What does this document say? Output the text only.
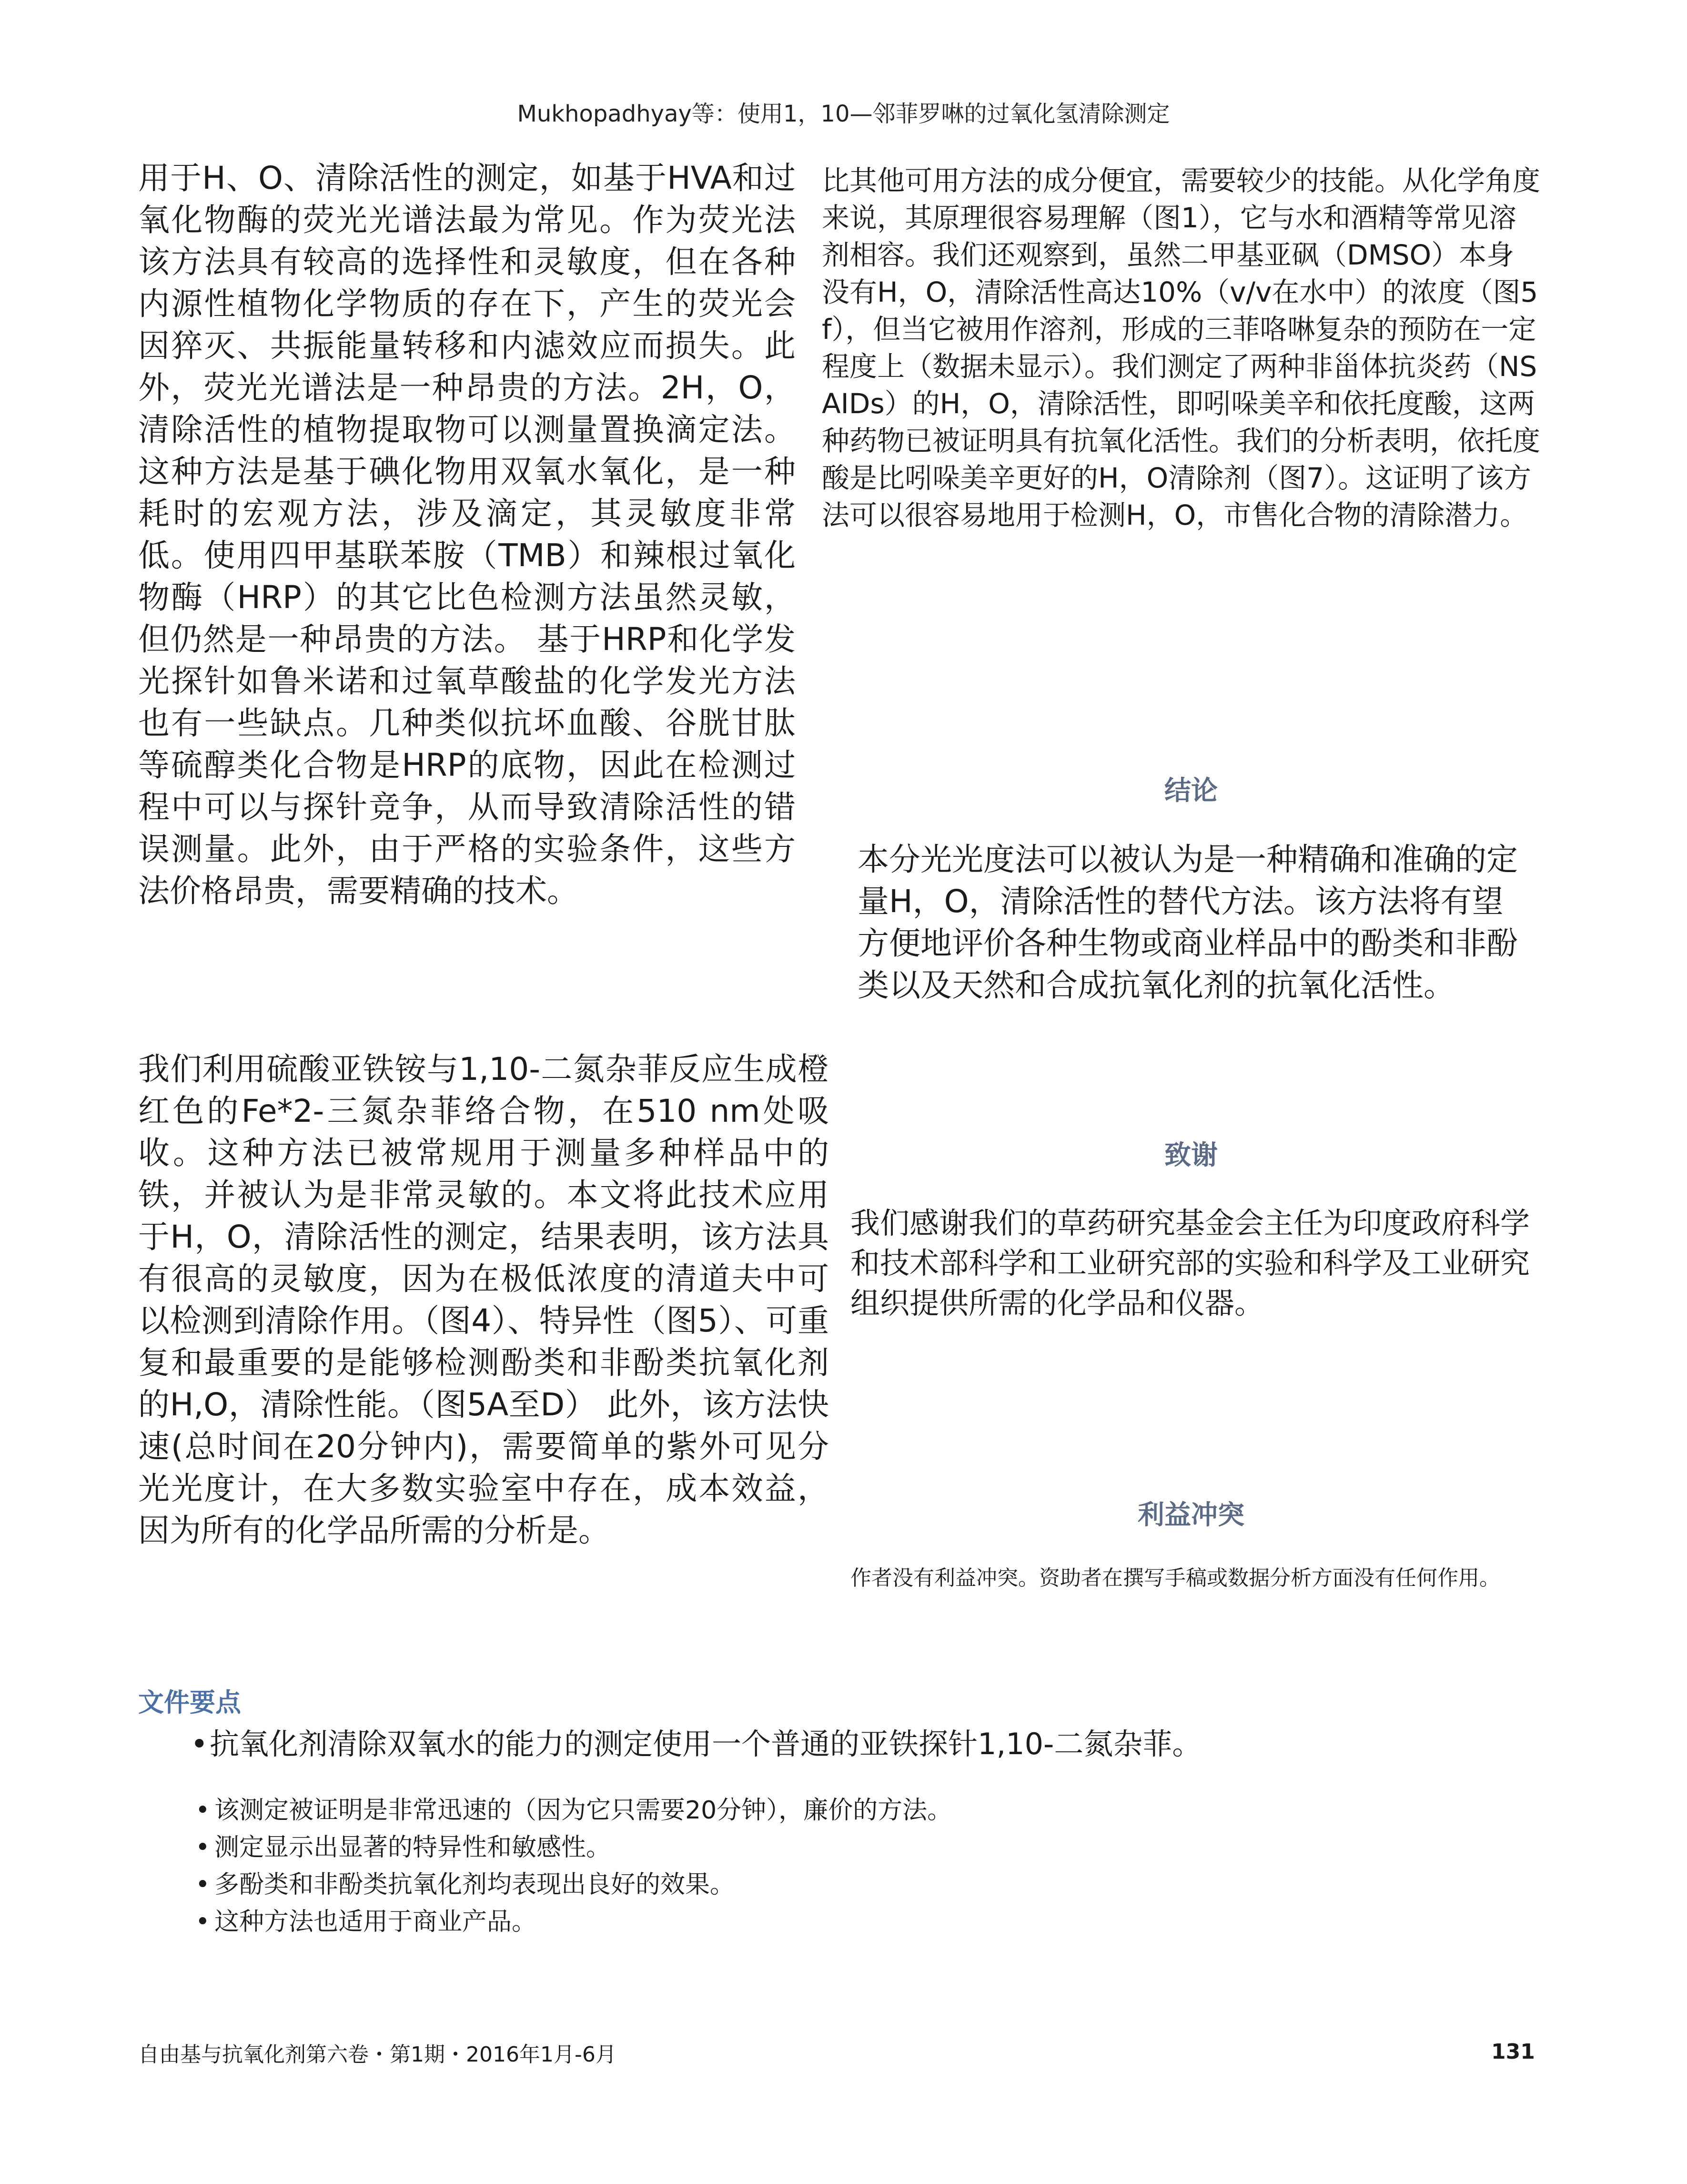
Mukhopadhyay等：使用1，10—邻菲罗啉的过氧化氢清除测定

用于H、O、清除活性的测定，如基于HVA和过氧化物酶的荧光光谱法最为常见。作为荧光法该方法具有较高的选择性和灵敏度，但在各种内源性植物化学物质的存在下，产生的荧光会因猝灭、共振能量转移和内滤效应而损失。此外，荧光光谱法是一种昂贵的方法。2H，O，清除活性的植物提取物可以测量置换滴定法。这种方法是基于碘化物用双氧水氧化，是一种耗时的宏观方法，涉及滴定，其灵敏度非常低。使用四甲基联苯胺（TMB）和辣根过氧化物酶（HRP）的其它比色检测方法虽然灵敏，但仍然是一种昂贵的方法。 基于HRP和化学发光探针如鲁米诺和过氧草酸盐的化学发光方法也有一些缺点。几种类似抗坏血酸、谷胱甘肽等硫醇类化合物是HRP的底物，因此在检测过程中可以与探针竞争，从而导致清除活性的错误测量。此外，由于严格的实验条件，这些方法价格昂贵，需要精确的技术。

我们利用硫酸亚铁铵与1,10-二氮杂菲反应生成橙红色的Fe*2-三氮杂菲络合物，在510 nm处吸收。这种方法已被常规用于测量多种样品中的铁，并被认为是非常灵敏的。本文将此技术应用于H，O，清除活性的测定，结果表明，该方法具有很高的灵敏度，因为在极低浓度的清道夫中可以检测到清除作用。（图4）、特异性（图5）、可重复和最重要的是能够检测酚类和非酚类抗氧化剂的H,O，清除性能。（图5A至D） 此外，该方法快速(总时间在20分钟内)，需要简单的紫外可见分光光度计，在大多数实验室中存在，成本效益，因为所有的化学品所需的分析是。

比其他可用方法的成分便宜，需要较少的技能。从化学角度来说，其原理很容易理解（图1），它与水和酒精等常见溶剂相容。我们还观察到，虽然二甲基亚砜（DMSO）本身没有H，O，清除活性高达10%（v/v在水中）的浓度（图5f），但当它被用作溶剂，形成的三菲咯啉复杂的预防在一定程度上（数据未显示）。我们测定了两种非甾体抗炎药（NSAIDs）的H，O，清除活性，即吲哚美辛和依托度酸，这两种药物已被证明具有抗氧化活性。我们的分析表明，依托度酸是比吲哚美辛更好的H，O清除剂（图7）。这证明了该方法可以很容易地用于检测H，O，市售化合物的清除潜力。

结论

本分光光度法可以被认为是一种精确和准确的定量H，O，清除活性的替代方法。该方法将有望方便地评价各种生物或商业样品中的酚类和非酚类以及天然和合成抗氧化剂的抗氧化活性。

致谢

我们感谢我们的草药研究基金会主任为印度政府科学和技术部科学和工业研究部的实验和科学及工业研究组织提供所需的化学品和仪器。

利益冲突

作者没有利益冲突。资助者在撰写手稿或数据分析方面没有任何作用。

文件要点

•抗氧化剂清除双氧水的能力的测定使用一个普通的亚铁探针1,10-二氮杂菲。

• 该测定被证明是非常迅速的（因为它只需要20分钟），廉价的方法。
• 测定显示出显著的特异性和敏感性。
• 多酚类和非酚类抗氧化剂均表现出良好的效果。
• 这种方法也适用于商业产品。
自由基与抗氧化剂第六卷・第1期・2016年1月-6月	131
